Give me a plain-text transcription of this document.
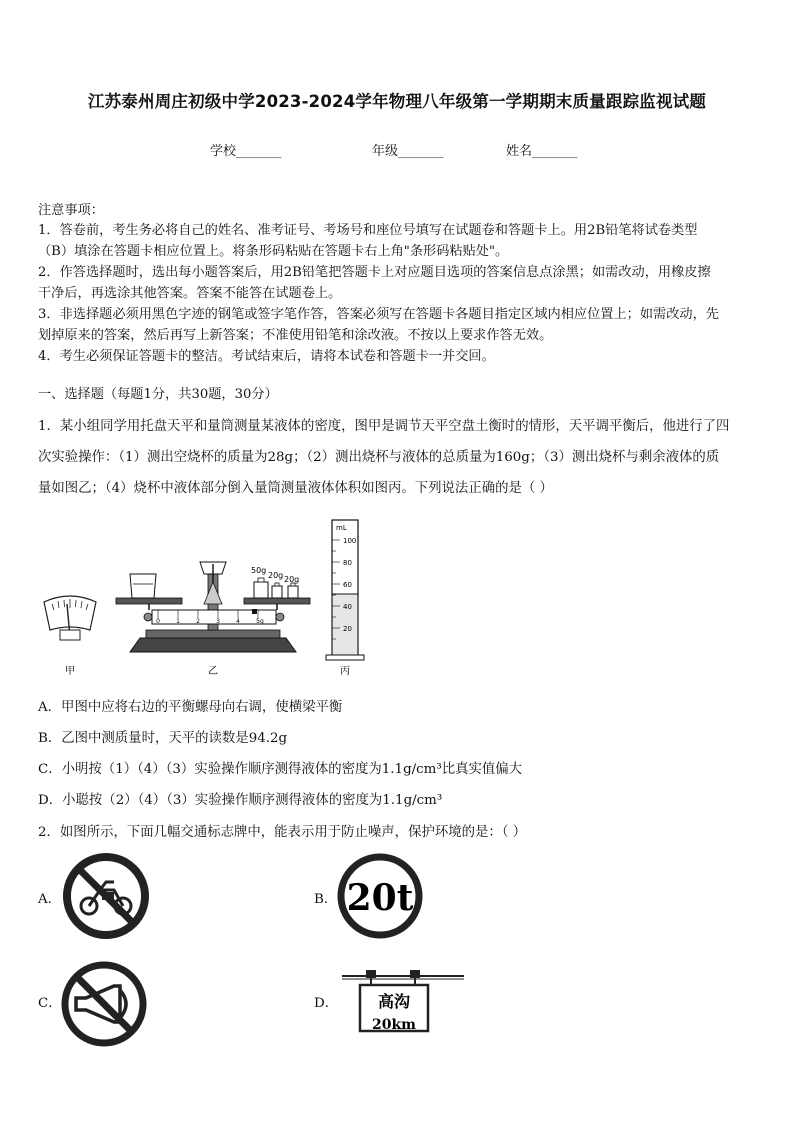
江苏泰州周庄初级中学2023-2024学年物理八年级第一学期期末质量跟踪监视试题
学校_______	年级_______	姓名_______
注意事项：
1．答卷前，考生务必将自己的姓名、准考证号、考场号和座位号填写在试题卷和答题卡上。用2B铅笔将试卷类型
（B）填涂在答题卡相应位置上。将条形码粘贴在答题卡右上角"条形码粘贴处"。
2．作答选择题时，选出每小题答案后，用2B铅笔把答题卡上对应题目选项的答案信息点涂黑；如需改动，用橡皮擦
干净后，再选涂其他答案。答案不能答在试题卷上。
3．非选择题必须用黑色字迹的钢笔或签字笔作答，答案必须写在答题卡各题目指定区域内相应位置上；如需改动，先
划掉原来的答案，然后再写上新答案；不准使用铅笔和涂改液。不按以上要求作答无效。
4．考生必须保证答题卡的整洁。考试结束后，请将本试卷和答题卡一并交回。
一、选择题（每题1分，共30题，30分）
1．某小组同学用托盘天平和量筒测量某液体的密度，图甲是调节天平空盘土衡时的情形，天平调平衡后，他进行了四
次实验操作：（1）测出空烧杯的质量为28g；（2）测出烧杯与液体的总质量为160g；（3）测出烧杯与剩余液体的质
量如图乙；（4）烧杯中液体部分倒入量筒测量液体体积如图丙。下列说法正确的是（ ）
甲
0	1	2	3	4	5g
50g
20g 20g
乙
mL
100
80
60
40
20
丙
A．甲图中应将右边的平衡螺母向右调，使横梁平衡
B．乙图中测质量时，天平的读数是94.2g
C．小明按（1）（4）（3）实验操作顺序测得液体的密度为1.1g/cm³比真实值偏大
D．小聪按（2）（4）（3）实验操作顺序测得液体的密度为1.1g/cm³
2．如图所示，下面几幅交通标志牌中，能表示用于防止噪声，保护环境的是：（ ）
A．	B． 20t
C．	D． 高沟
20km
